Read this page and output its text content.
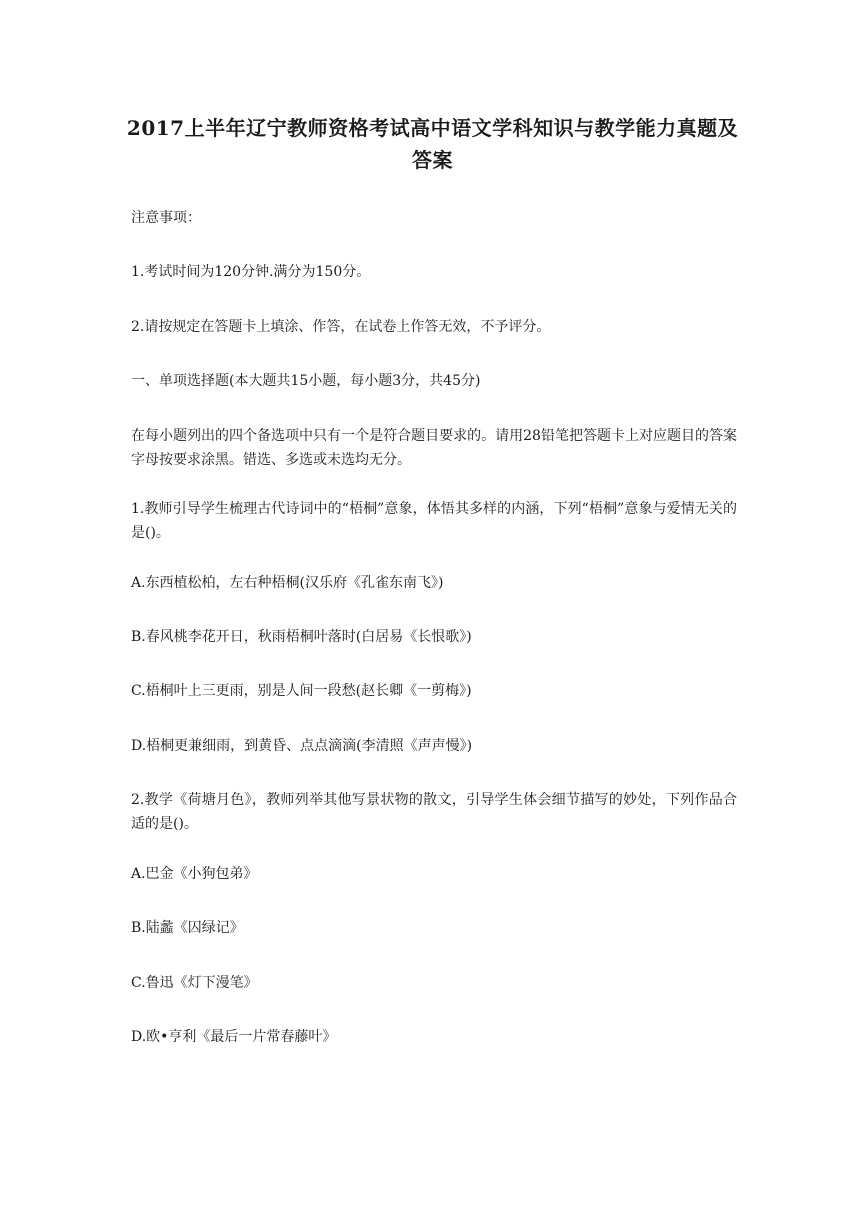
2017上半年辽宁教师资格考试高中语文学科知识与教学能力真题及答案

注意事项：

1.考试时间为120分钟.满分为150分。

2.请按规定在答题卡上填涂、作答，在试卷上作答无效，不予评分。

一、单项选择题(本大题共15小题，每小题3分，共45分)

在每小题列出的四个备选项中只有一个是符合题目要求的。请用28铅笔把答题卡上对应题目的答案字母按要求涂黑。错选、多选或未选均无分。

1.教师引导学生梳理古代诗词中的“梧桐”意象，体悟其多样的内涵，下列“梧桐”意象与爱情无关的是()。

A.东西植松柏，左右种梧桐(汉乐府《孔雀东南飞》)

B.春风桃李花开日，秋雨梧桐叶落时(白居易《长恨歌》)

C.梧桐叶上三更雨，别是人间一段愁(赵长卿《一剪梅》)

D.梧桐更兼细雨，到黄昏、点点滴滴(李清照《声声慢》)

2.教学《荷塘月色》，教师列举其他写景状物的散文，引导学生体会细节描写的妙处，下列作品合适的是()。

A.巴金《小狗包弟》

B.陆蠡《囚绿记》

C.鲁迅《灯下漫笔》

D.欧•亨利《最后一片常春藤叶》
